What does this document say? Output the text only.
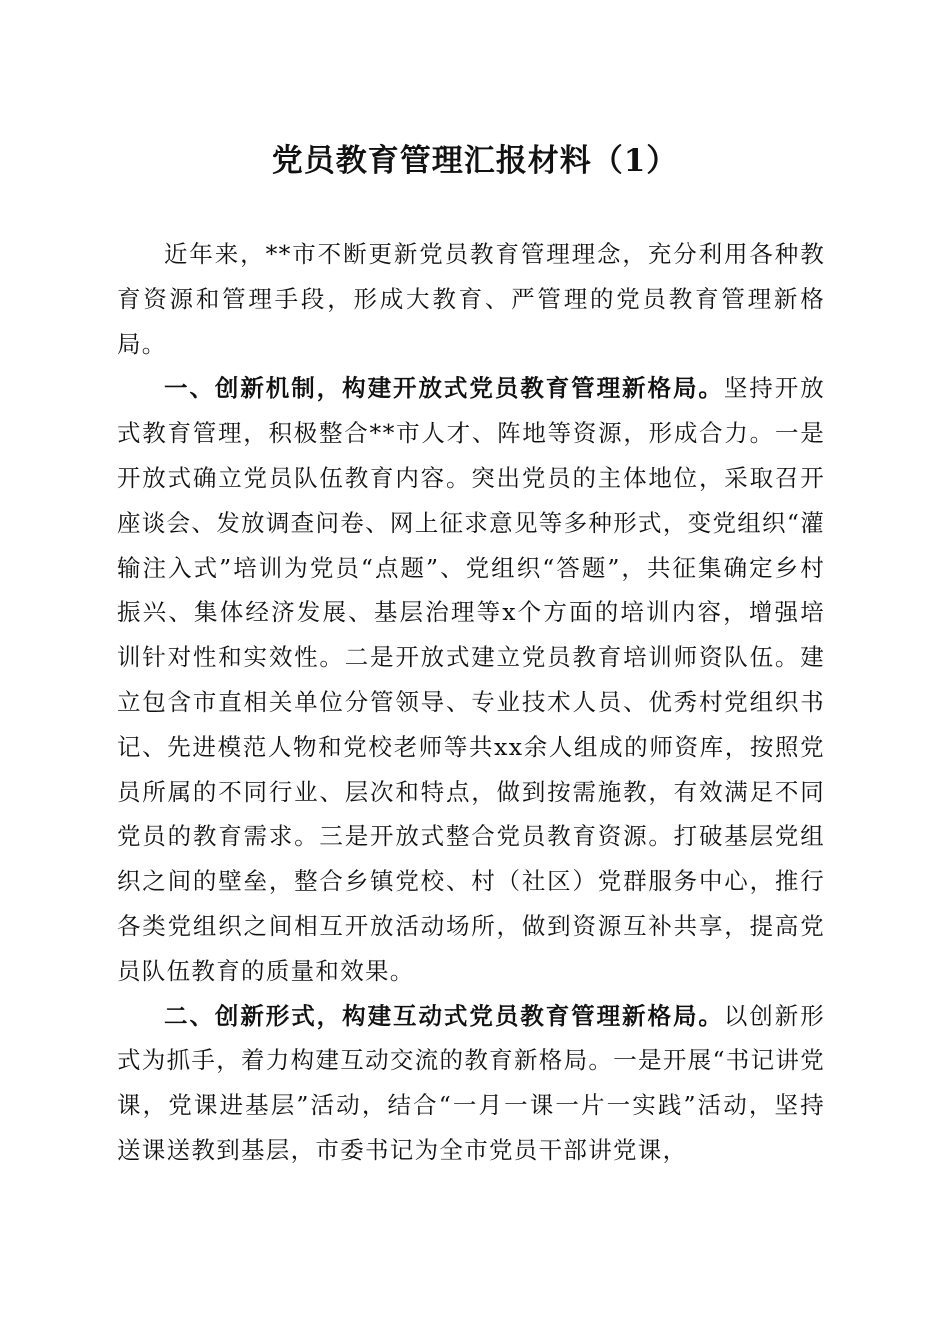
党员教育管理汇报材料（1）

近年来，**市不断更新党员教育管理理念，充分利用各种教育资源和管理手段，形成大教育、严管理的党员教育管理新格局。

一、创新机制，构建开放式党员教育管理新格局。坚持开放式教育管理，积极整合**市人才、阵地等资源，形成合力。一是开放式确立党员队伍教育内容。突出党员的主体地位，采取召开座谈会、发放调查问卷、网上征求意见等多种形式，变党组织“灌输注入式”培训为党员“点题”、党组织“答题”，共征集确定乡村振兴、集体经济发展、基层治理等x个方面的培训内容，增强培训针对性和实效性。二是开放式建立党员教育培训师资队伍。建立包含市直相关单位分管领导、专业技术人员、优秀村党组织书记、先进模范人物和党校老师等共xx余人组成的师资库，按照党员所属的不同行业、层次和特点，做到按需施教，有效满足不同党员的教育需求。三是开放式整合党员教育资源。打破基层党组织之间的壁垒，整合乡镇党校、村（社区）党群服务中心，推行各类党组织之间相互开放活动场所，做到资源互补共享，提高党员队伍教育的质量和效果。

二、创新形式，构建互动式党员教育管理新格局。以创新形式为抓手，着力构建互动交流的教育新格局。一是开展“书记讲党课，党课进基层”活动，结合“一月一课一片一实践”活动，坚持送课送教到基层，市委书记为全市党员干部讲党课，
